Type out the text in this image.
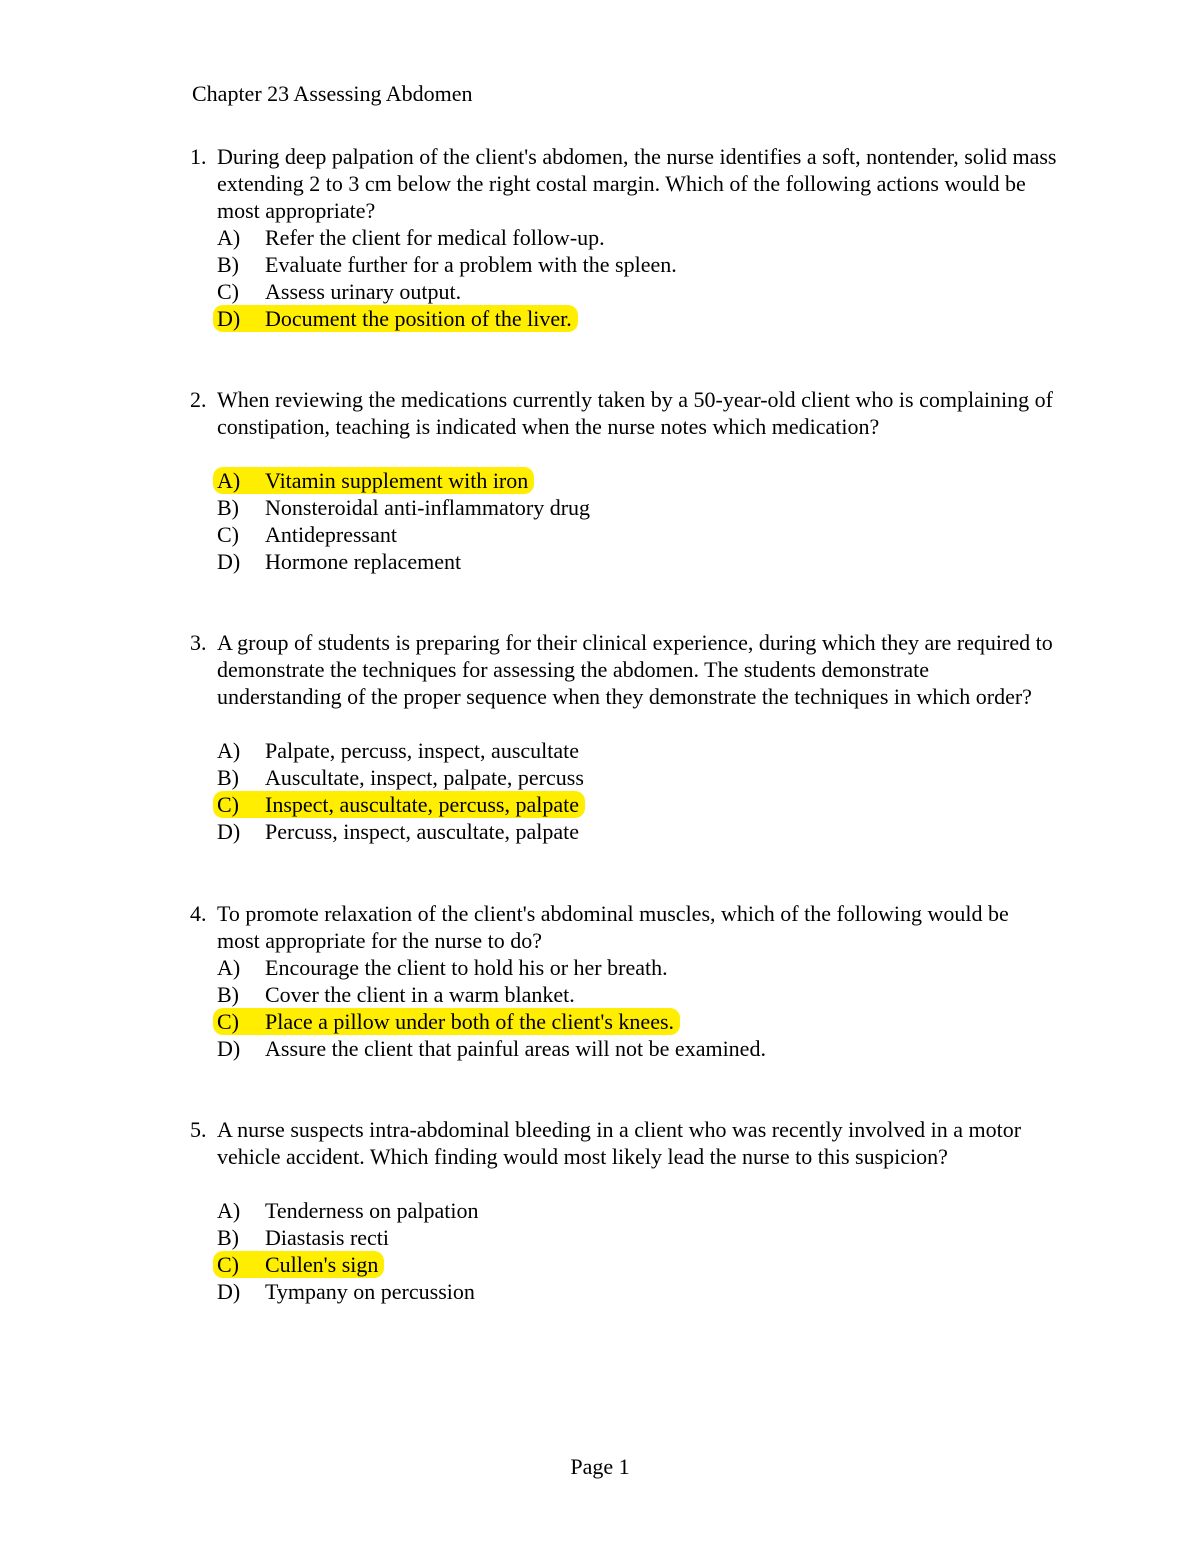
Chapter 23 Assessing Abdomen
1. During deep palpation of the client's abdomen, the nurse identifies a soft, nontender, solid mass extending 2 to 3 cm below the right costal margin. Which of the following actions would be most appropriate?
A) Refer the client for medical follow-up.
B) Evaluate further for a problem with the spleen.
C) Assess urinary output.
D) Document the position of the liver.
2. When reviewing the medications currently taken by a 50-year-old client who is complaining of constipation, teaching is indicated when the nurse notes which medication?
A) Vitamin supplement with iron
B) Nonsteroidal anti-inflammatory drug
C) Antidepressant
D) Hormone replacement
3. A group of students is preparing for their clinical experience, during which they are required to demonstrate the techniques for assessing the abdomen. The students demonstrate understanding of the proper sequence when they demonstrate the techniques in which order?
A) Palpate, percuss, inspect, auscultate
B) Auscultate, inspect, palpate, percuss
C) Inspect, auscultate, percuss, palpate
D) Percuss, inspect, auscultate, palpate
4. To promote relaxation of the client's abdominal muscles, which of the following would be most appropriate for the nurse to do?
A) Encourage the client to hold his or her breath.
B) Cover the client in a warm blanket.
C) Place a pillow under both of the client's knees.
D) Assure the client that painful areas will not be examined.
5. A nurse suspects intra-abdominal bleeding in a client who was recently involved in a motor vehicle accident. Which finding would most likely lead the nurse to this suspicion?
A) Tenderness on palpation
B) Diastasis recti
C) Cullen's sign
D) Tympany on percussion
Page 1
